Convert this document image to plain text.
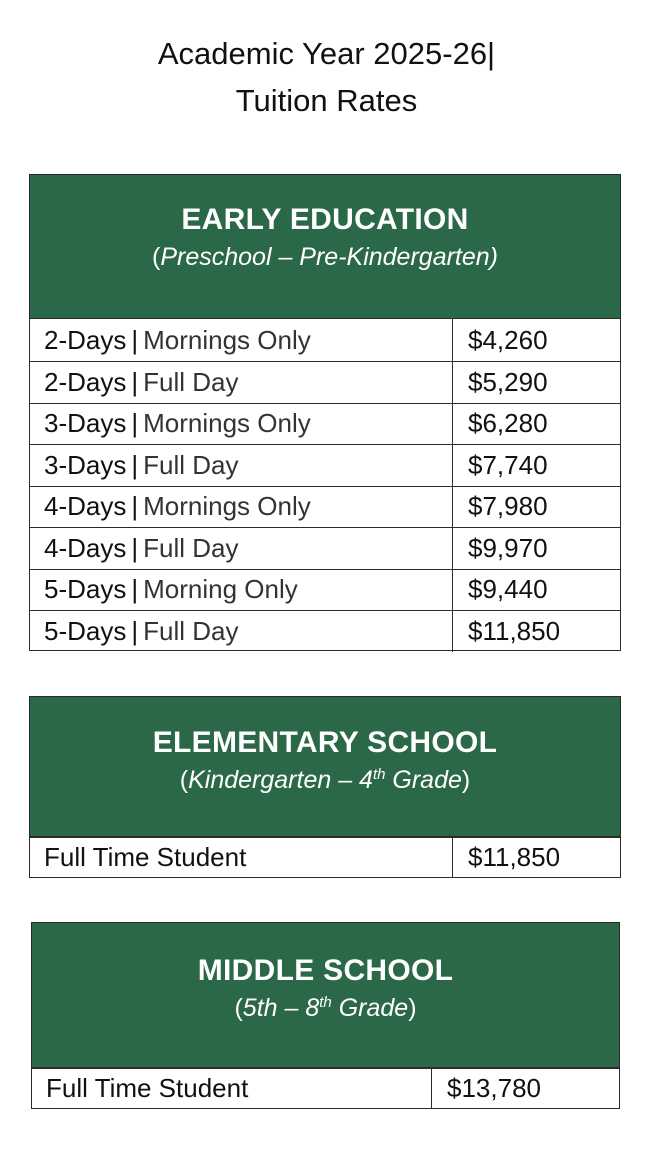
Academic Year 2025-26|
Tuition Rates
EARLY EDUCATION
(Preschool – Pre-Kindergarten)
2-Days | Mornings Only	$4,260
2-Days | Full Day	$5,290
3-Days | Mornings Only	$6,280
3-Days | Full Day	$7,740
4-Days | Mornings Only	$7,980
4-Days | Full Day	$9,970
5-Days | Morning Only	$9,440
5-Days | Full Day	$11,850
ELEMENTARY SCHOOL
(Kindergarten – 4th Grade)
Full Time Student	$11,850
MIDDLE SCHOOL
(5th – 8th Grade)
Full Time Student	$13,780
